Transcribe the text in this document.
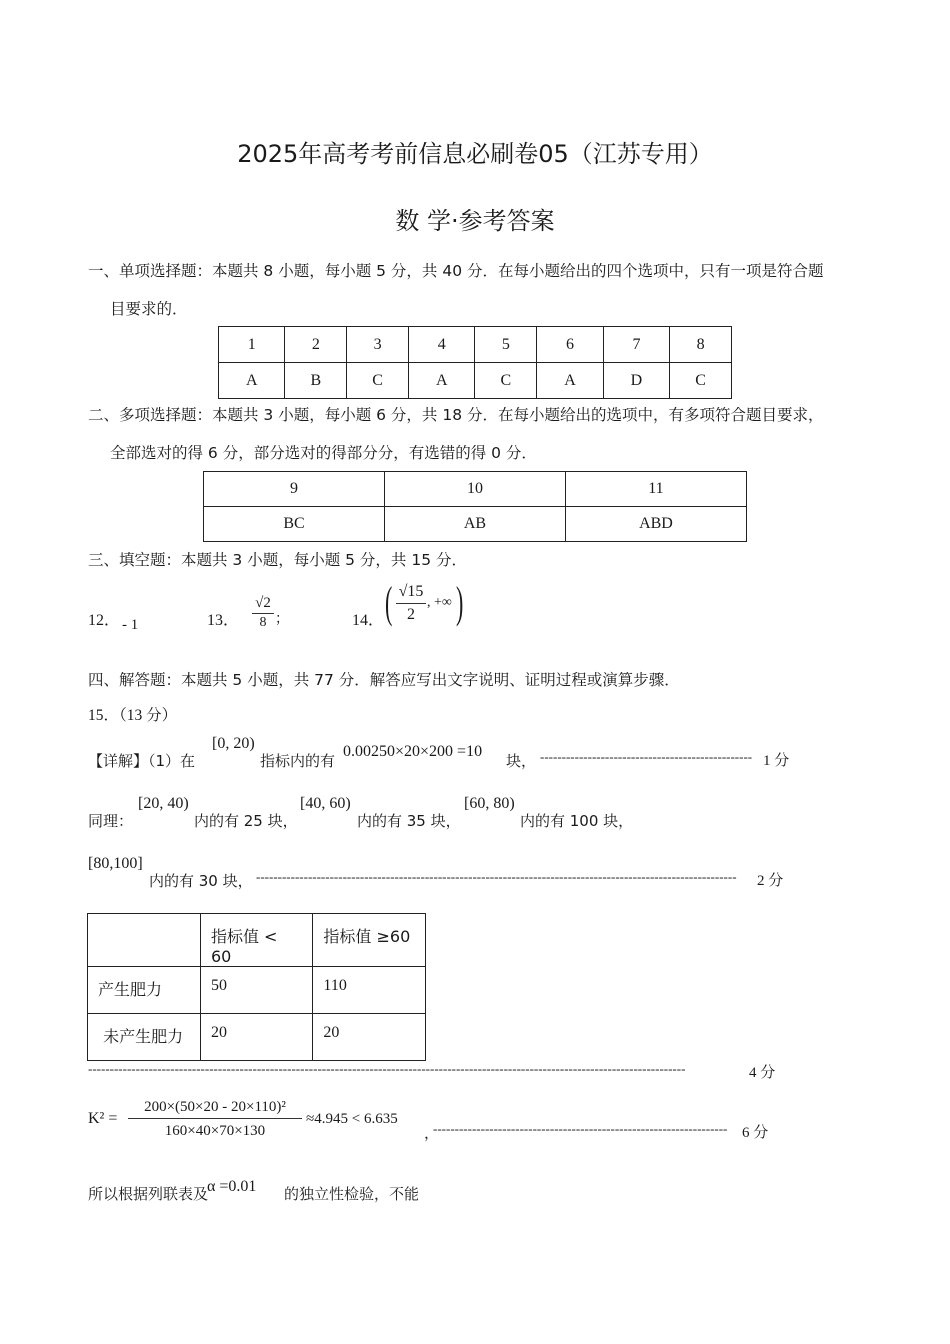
2025年高考考前信息必刷卷05（江苏专用）
数 学·参考答案
一、单项选择题：本题共 8 小题，每小题 5 分，共 40 分．在每小题给出的四个选项中，只有一项是符合题
目要求的．
1	2	3	4	5	6	7	8
A	B	C	A	C	A	D	C
二、多项选择题：本题共 3 小题，每小题 6 分，共 18 分．在每小题给出的选项中，有多项符合题目要求，
全部选对的得 6 分，部分选对的得部分分，有选错的得 0 分．
9	10	11
BC	AB	ABD
三、填空题：本题共 3 小题，每小题 5 分，共 15 分．
12． - 1	13． $\frac{√2}{8}$ ；	14． ( $\frac{√15}{2}$ , +∞ )
四、解答题：本题共 5 小题，共 77 分．解答应写出文字说明、证明过程或演算步骤．
15．（13 分）
【详解】（1）在
[0, 20)
指标内的有
0.00250×20×200 =10
块， ------------------------------------------------- 1 分
同理：
[20, 40)
内的有 25 块，
[40, 60)
内的有 35 块，
[60, 80)
内的有 100 块，
[80,100]
内的有 30 块， ---------------------------------------------------------------------------------------------------------------	2 分
	指标值 < 60	指标值 ≥60
产生肥力	50	110
未产生肥力	20	20
------------------------------------------------------------------------------------------------------------------------------------------	4 分
$K^2 = \frac{\text{200×(50×20 - 20×110)²}}{160\times 40\times 70\times 130} \approx 4.945 < 6.635$
，
-------------------------------------------------------------------- 6 分
所以根据列联表及
α =0.01 的独立性检验，不能
